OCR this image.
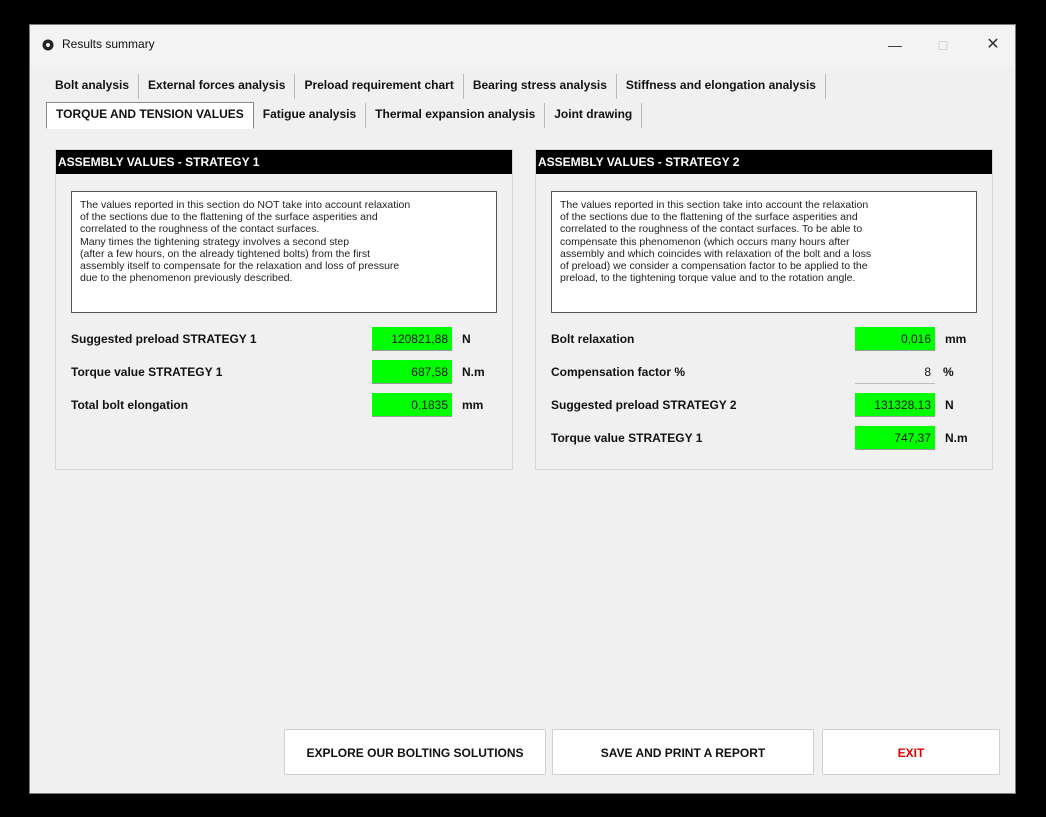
Results summary	—	□	✕
Bolt analysis	External forces analysis	Preload requirement chart	Bearing stress analysis	Stiffness and elongation analysis
TORQUE AND TENSION VALUES	Fatigue analysis	Thermal expansion analysis	Joint drawing
ASSEMBLY VALUES - STRATEGY 1
The values reported in this section do NOT take into account relaxation
of the sections due to the flattening of the surface asperities and
correlated to the roughness of the contact surfaces.
Many times the tightening strategy involves a second step
(after a few hours, on the already tightened bolts) from the first
assembly itself to compensate for the relaxation and loss of pressure
due to the phenomenon previously described.
Suggested preload STRATEGY 1	120821,88	N
Torque value STRATEGY 1	687,58	N.m
Total bolt elongation	0,1835	mm
ASSEMBLY VALUES - STRATEGY 2
The values reported in this section take into account the relaxation
of the sections due to the flattening of the surface asperities and
correlated to the roughness of the contact surfaces. To be able to
compensate this phenomenon (which occurs many hours after
assembly and which coincides with relaxation of the bolt and a loss
of preload) we consider a compensation factor to be applied to the
preload, to the tightening torque value and to the rotation angle.
Bolt relaxation	0,016	mm
Compensation factor %	8	%
Suggested preload STRATEGY 2	131328,13	N
Torque value STRATEGY 1	747,37	N.m
EXPLORE OUR BOLTING SOLUTIONS	SAVE AND PRINT A REPORT	EXIT
